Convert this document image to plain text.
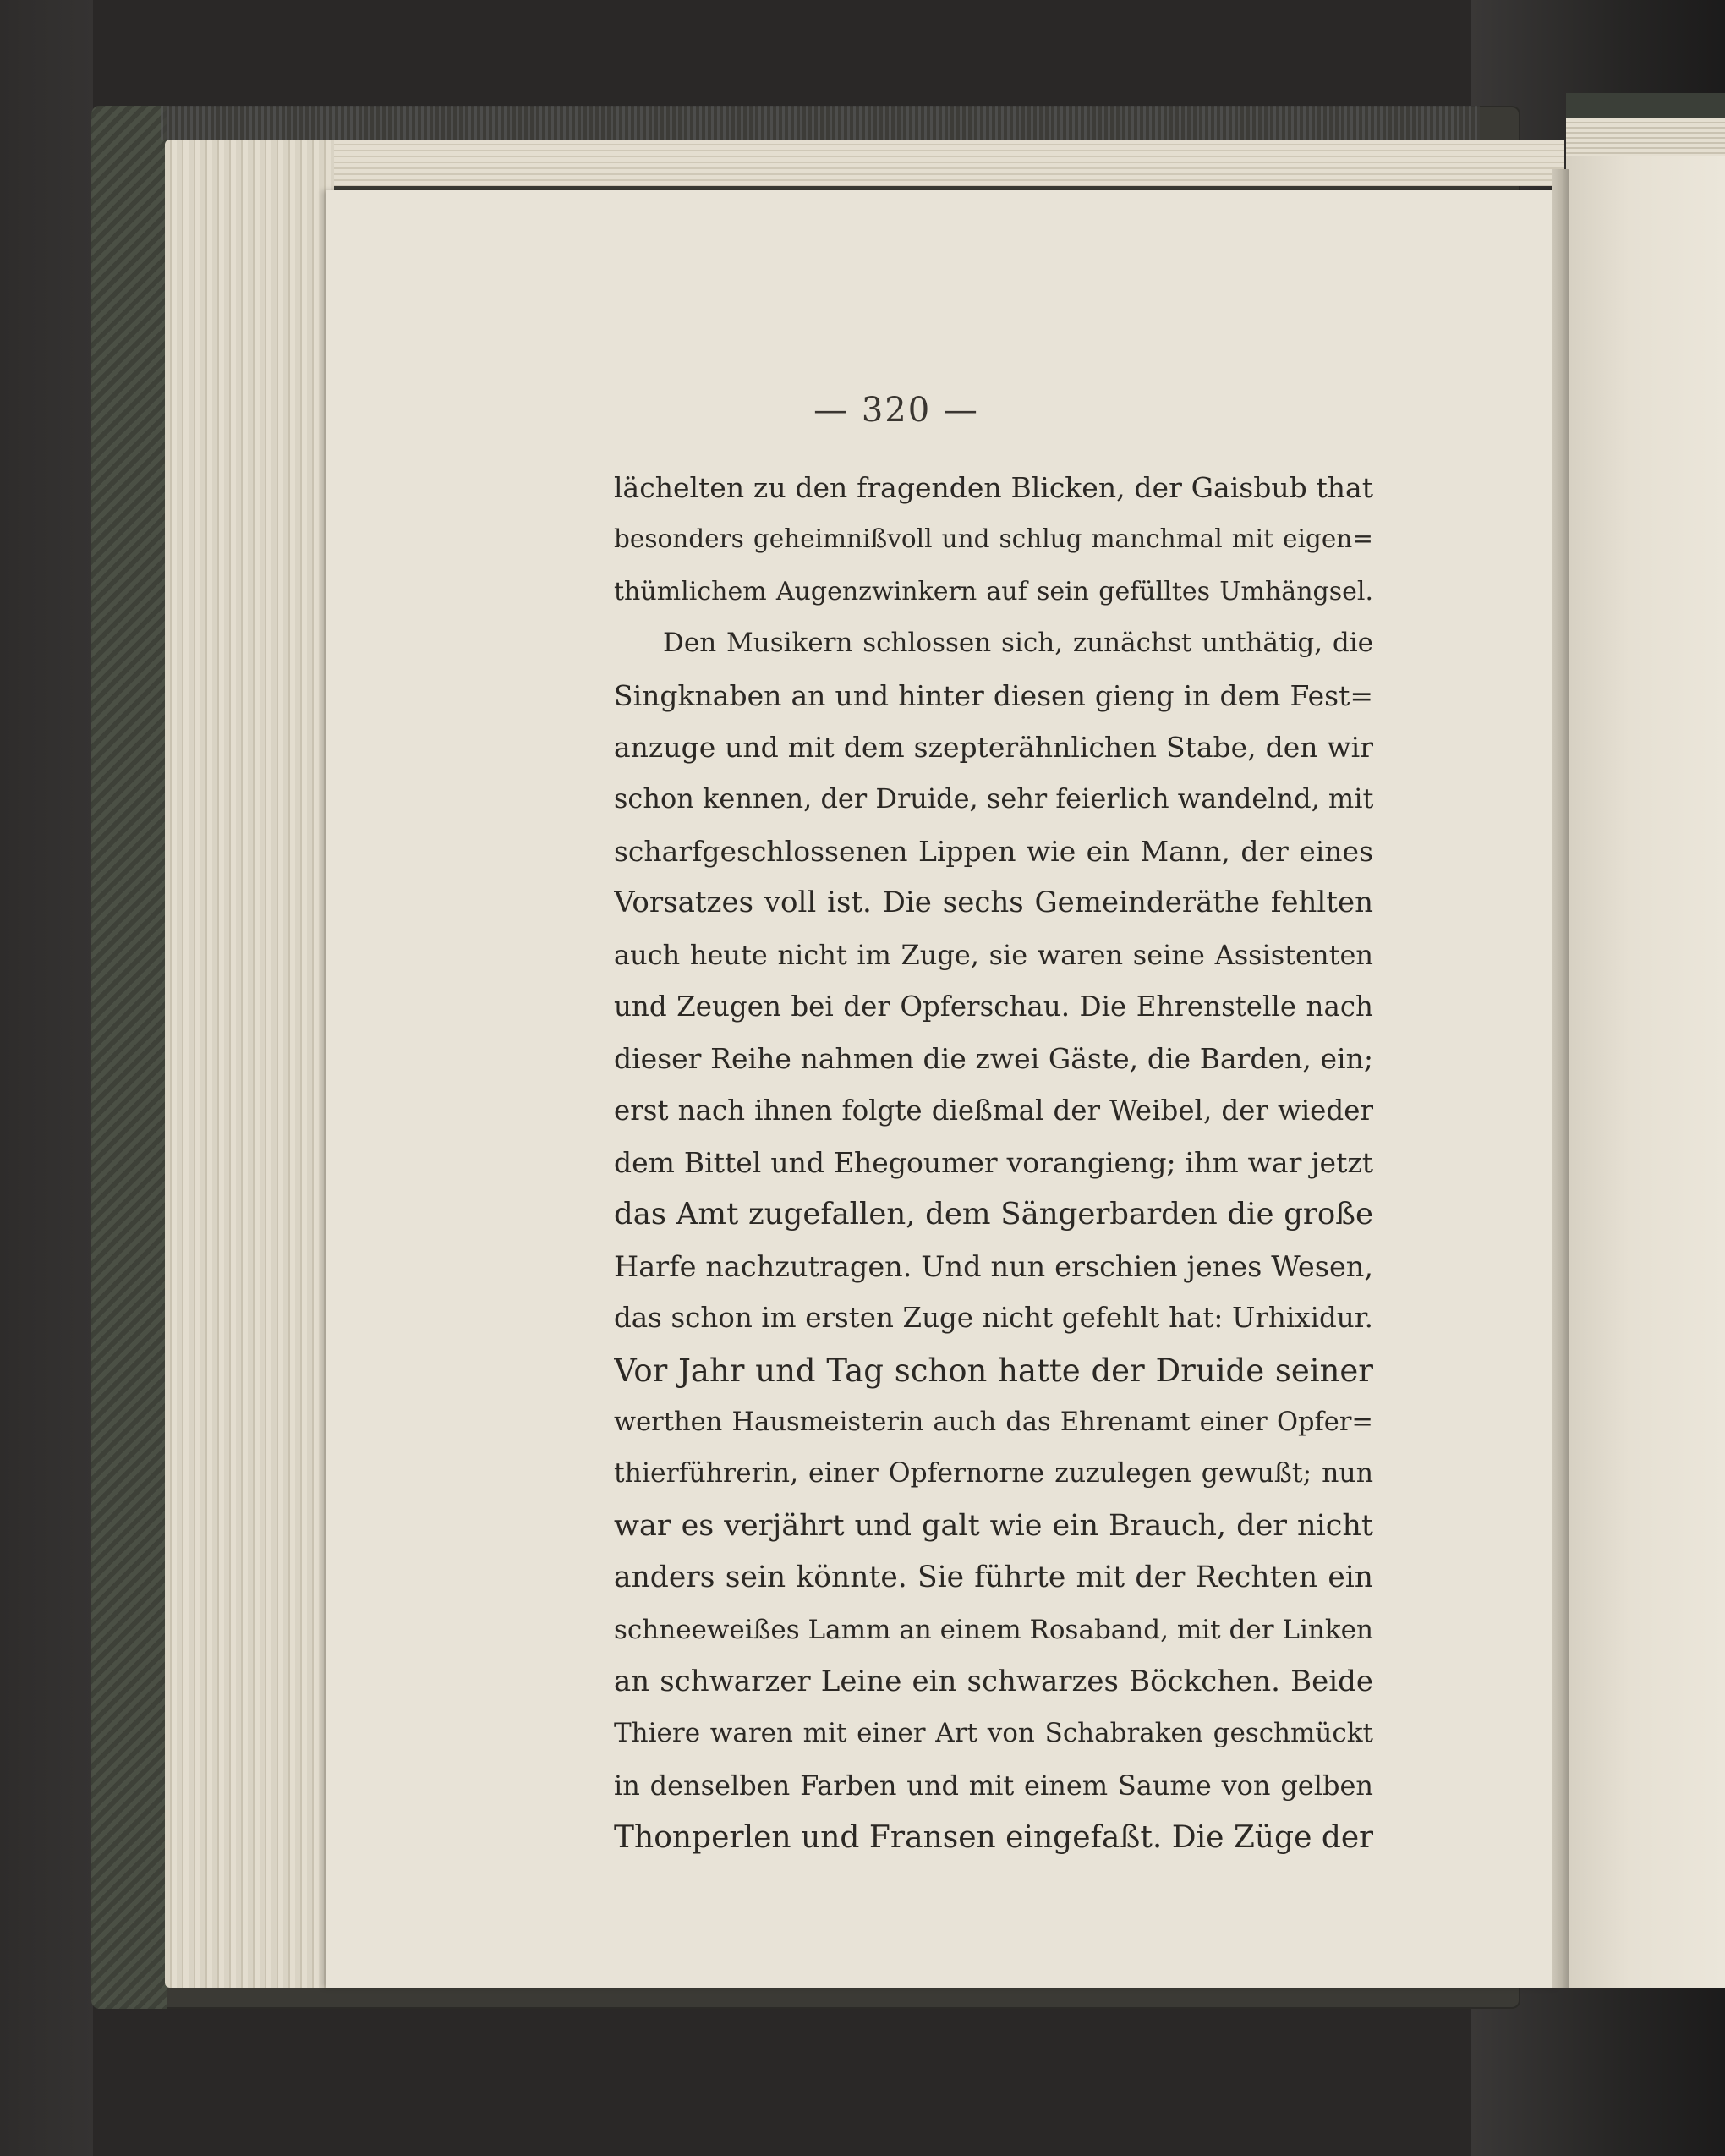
— 320 —
lächelten zu den fragenden Blicken, der Gaisbub that
besonders geheimnißvoll und schlug manchmal mit eigen=
thümlichem Augenzwinkern auf sein gefülltes Umhängsel.
Den Musikern schlossen sich, zunächst unthätig, die
Singknaben an und hinter diesen gieng in dem Fest=
anzuge und mit dem szepterähnlichen Stabe, den wir
schon kennen, der Druide, sehr feierlich wandelnd, mit
scharfgeschlossenen Lippen wie ein Mann, der eines
Vorsatzes voll ist. Die sechs Gemeinderäthe fehlten
auch heute nicht im Zuge, sie waren seine Assistenten
und Zeugen bei der Opferschau. Die Ehrenstelle nach
dieser Reihe nahmen die zwei Gäste, die Barden, ein;
erst nach ihnen folgte dießmal der Weibel, der wieder
dem Bittel und Ehegoumer vorangieng; ihm war jetzt
das Amt zugefallen, dem Sängerbarden die große
Harfe nachzutragen. Und nun erschien jenes Wesen,
das schon im ersten Zuge nicht gefehlt hat: Urhixidur.
Vor Jahr und Tag schon hatte der Druide seiner
werthen Hausmeisterin auch das Ehrenamt einer Opfer=
thierführerin, einer Opfernorne zuzulegen gewußt; nun
war es verjährt und galt wie ein Brauch, der nicht
anders sein könnte. Sie führte mit der Rechten ein
schneeweißes Lamm an einem Rosaband, mit der Linken
an schwarzer Leine ein schwarzes Böckchen. Beide
Thiere waren mit einer Art von Schabraken geschmückt
in denselben Farben und mit einem Saume von gelben
Thonperlen und Fransen eingefaßt. Die Züge der
